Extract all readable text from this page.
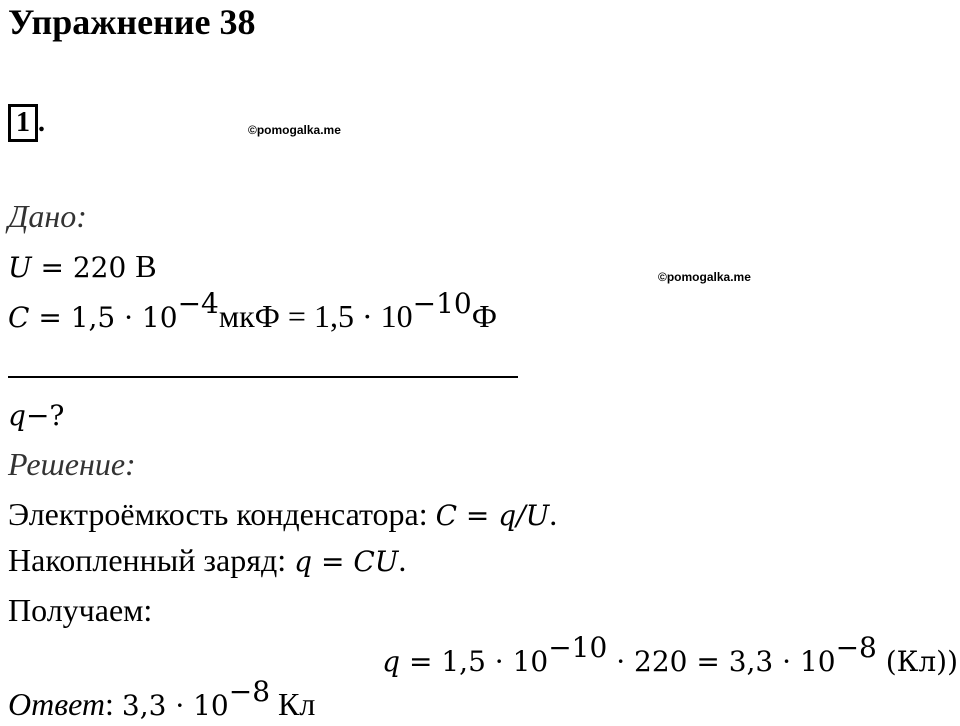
Упражнение 38
1 .	©pomogalka.me
©pomogalka.me
Дано:
U = 220 В
$C = 1,5 \cdot 10^{-4}мкФ = 1,5 \cdot 10^{-10}Ф$
q−?
Решение:
Электроёмкость конденсатора: C = q/U.
Накопленный заряд: q = CU.
Получаем:
$q = 1,5 \cdot 10^{-10} \cdot 220 = 3,3 \cdot 10^{-8}$ (Кл))
Ответ: $3,3 \cdot 10^{-8}$ Кл
